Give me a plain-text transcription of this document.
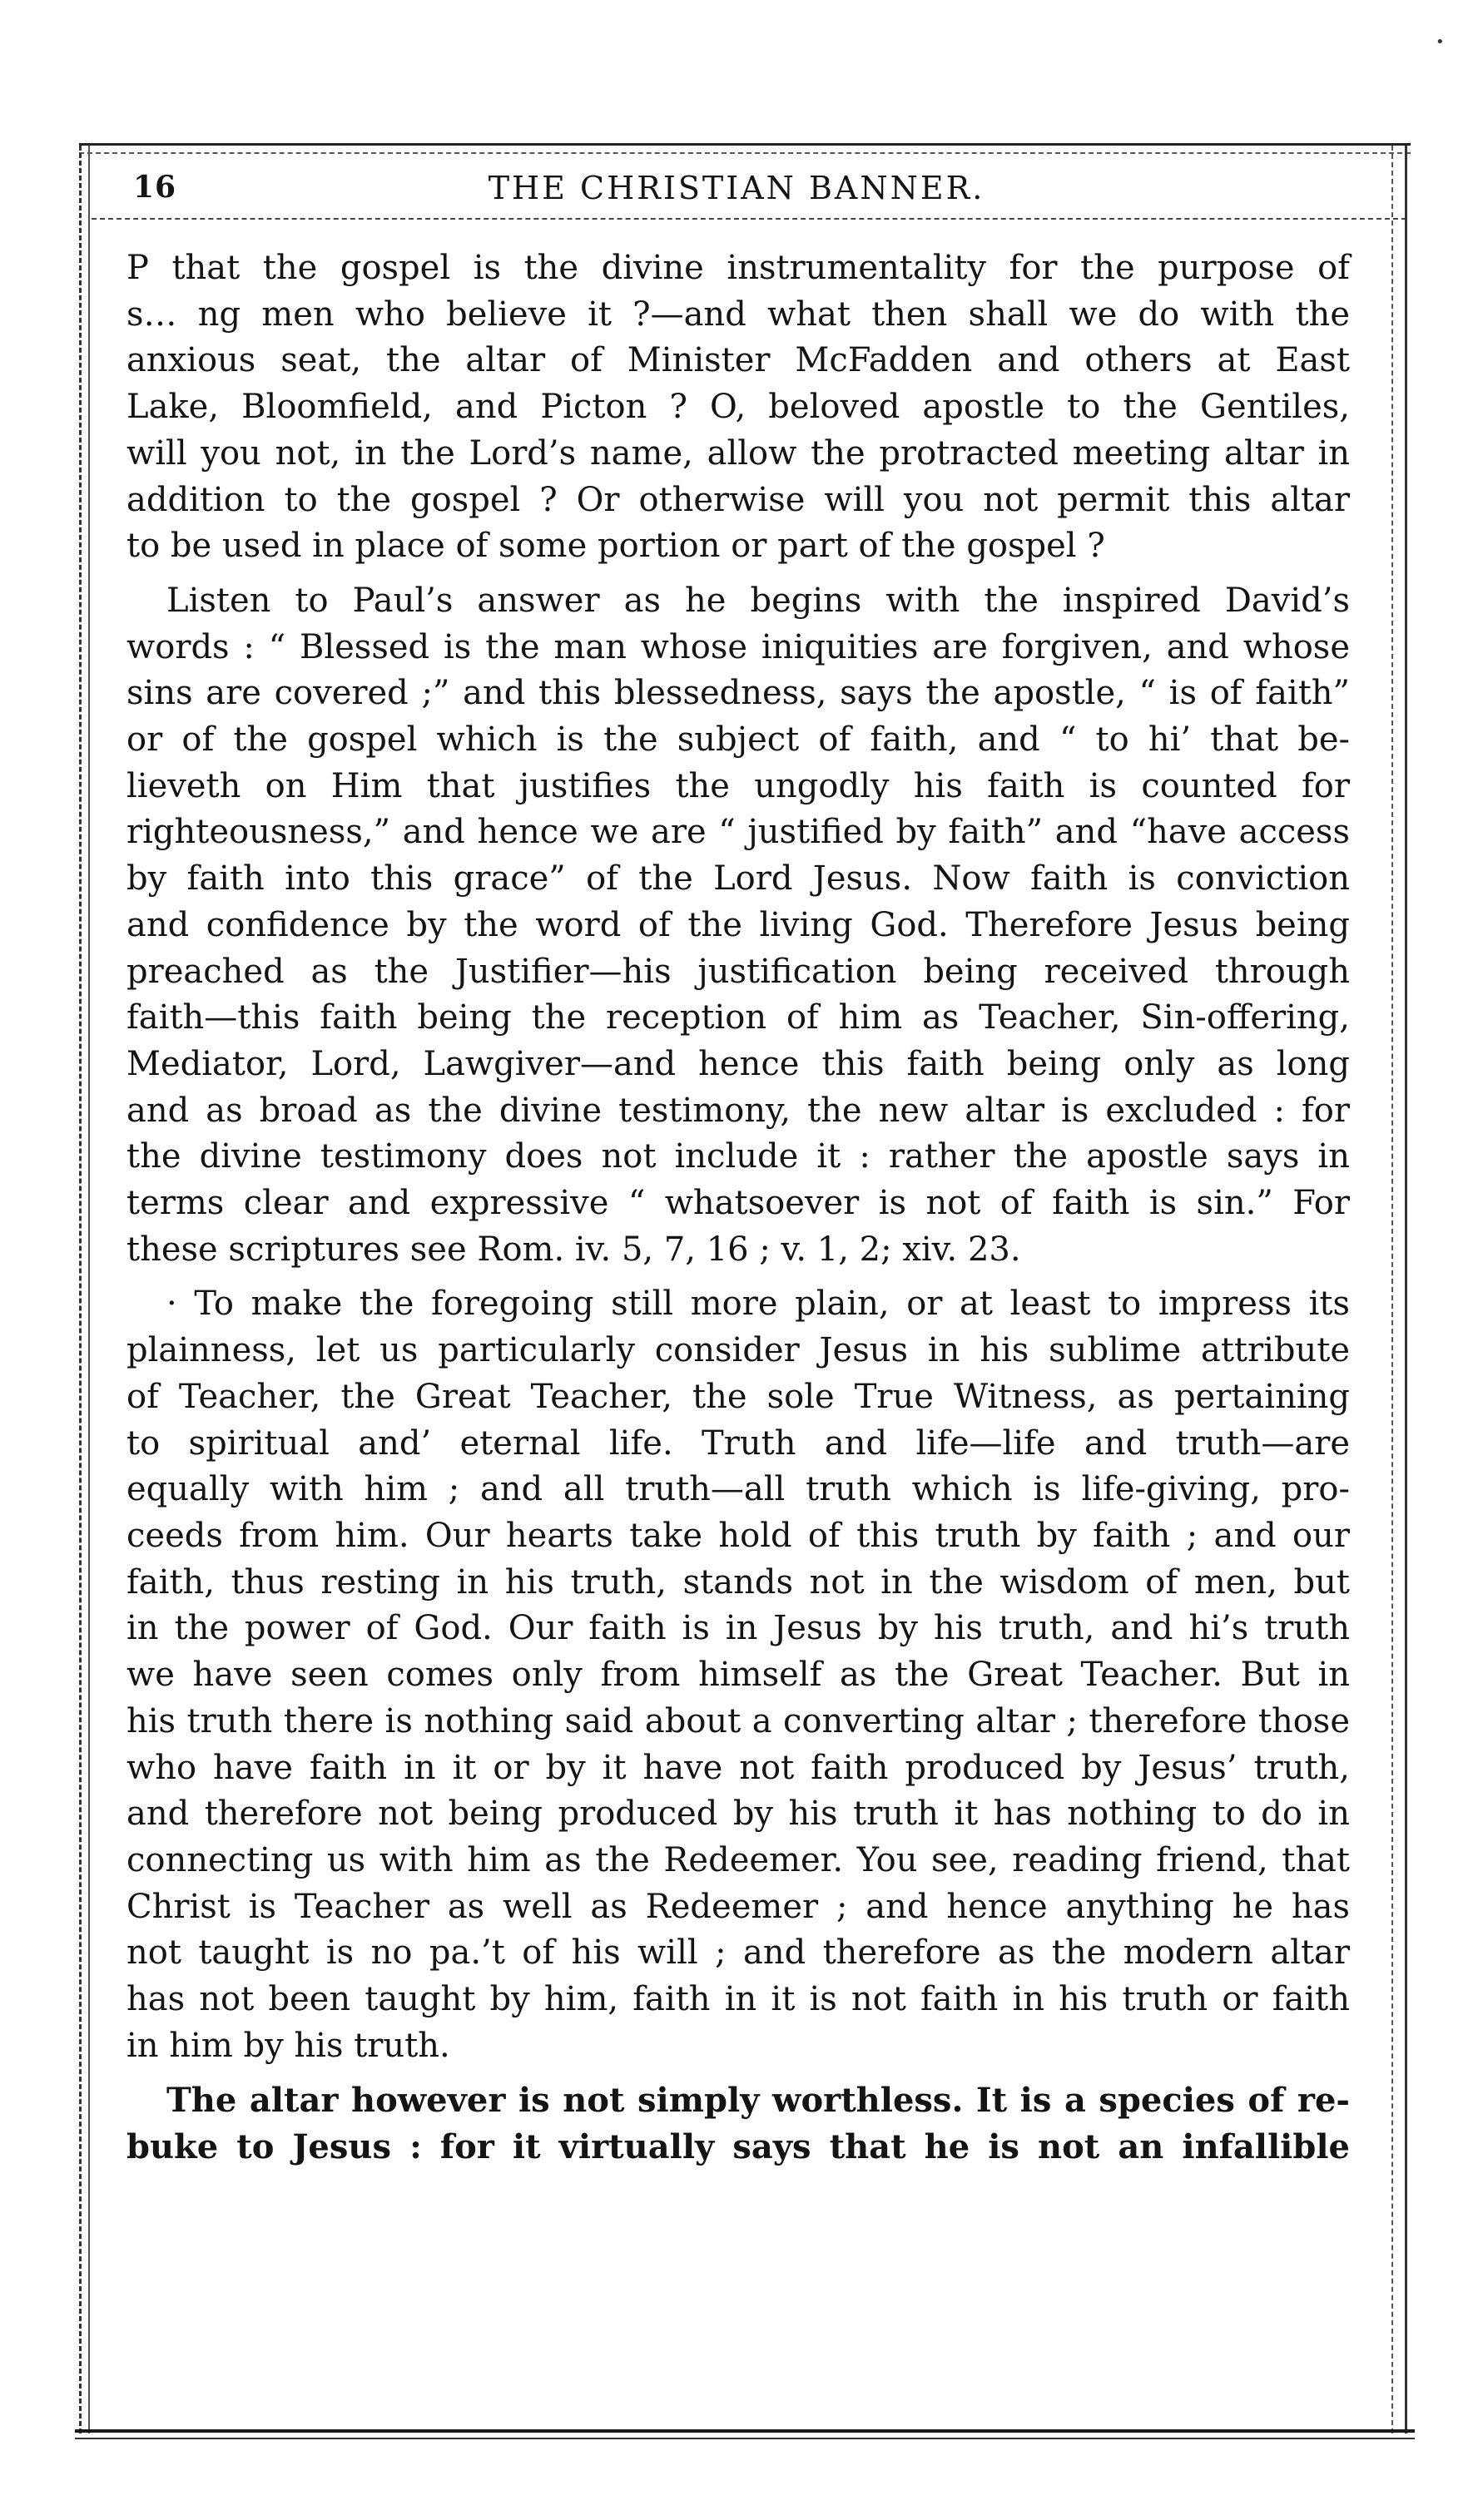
•
16	THE CHRISTIAN BANNER.
P that the gospel is the divine instrumentality for the purpose of
s… ng men who believe it ?—and what then shall we do with the
anxious seat, the altar of Minister McFadden and others at East
Lake, Bloomfield, and Picton ? O, beloved apostle to the Gentiles,
will you not, in the Lord’s name, allow the protracted meeting altar in
addition to the gospel ? Or otherwise will you not permit this altar
to be used in place of some portion or part of the gospel ?
Listen to Paul’s answer as he begins with the inspired David’s
words : “ Blessed is the man whose iniquities are forgiven, and whose
sins are covered ;” and this blessedness, says the apostle, “ is of faith”
or of the gospel which is the subject of faith, and “ to hi’ that be-
lieveth on Him that justifies the ungodly his faith is counted for
righteousness,” and hence we are “ justified by faith” and “have access
by faith into this grace” of the Lord Jesus. Now faith is conviction
and confidence by the word of the living God. Therefore Jesus being
preached as the Justifier—his justification being received through
faith—this faith being the reception of him as Teacher, Sin-offering,
Mediator, Lord, Lawgiver—and hence this faith being only as long
and as broad as the divine testimony, the new altar is excluded : for
the divine testimony does not include it : rather the apostle says in
terms clear and expressive “ whatsoever is not of faith is sin.” For
these scriptures see Rom. iv. 5, 7, 16 ; v. 1, 2; xiv. 23.
· To make the foregoing still more plain, or at least to impress its
plainness, let us particularly consider Jesus in his sublime attribute
of Teacher, the Great Teacher, the sole True Witness, as pertaining
to spiritual and’ eternal life. Truth and life—life and truth—are
equally with him ; and all truth—all truth which is life-giving, pro-
ceeds from him. Our hearts take hold of this truth by faith ; and our
faith, thus resting in his truth, stands not in the wisdom of men, but
in the power of God. Our faith is in Jesus by his truth, and hi’s truth
we have seen comes only from himself as the Great Teacher. But in
his truth there is nothing said about a converting altar ; therefore those
who have faith in it or by it have not faith produced by Jesus’ truth,
and therefore not being produced by his truth it has nothing to do in
connecting us with him as the Redeemer. You see, reading friend, that
Christ is Teacher as well as Redeemer ; and hence anything he has
not taught is no pa.’t of his will ; and therefore as the modern altar
has not been taught by him, faith in it is not faith in his truth or faith
in him by his truth.
The altar however is not simply worthless. It is a species of re-
buke to Jesus : for it virtually says that he is not an infallible
